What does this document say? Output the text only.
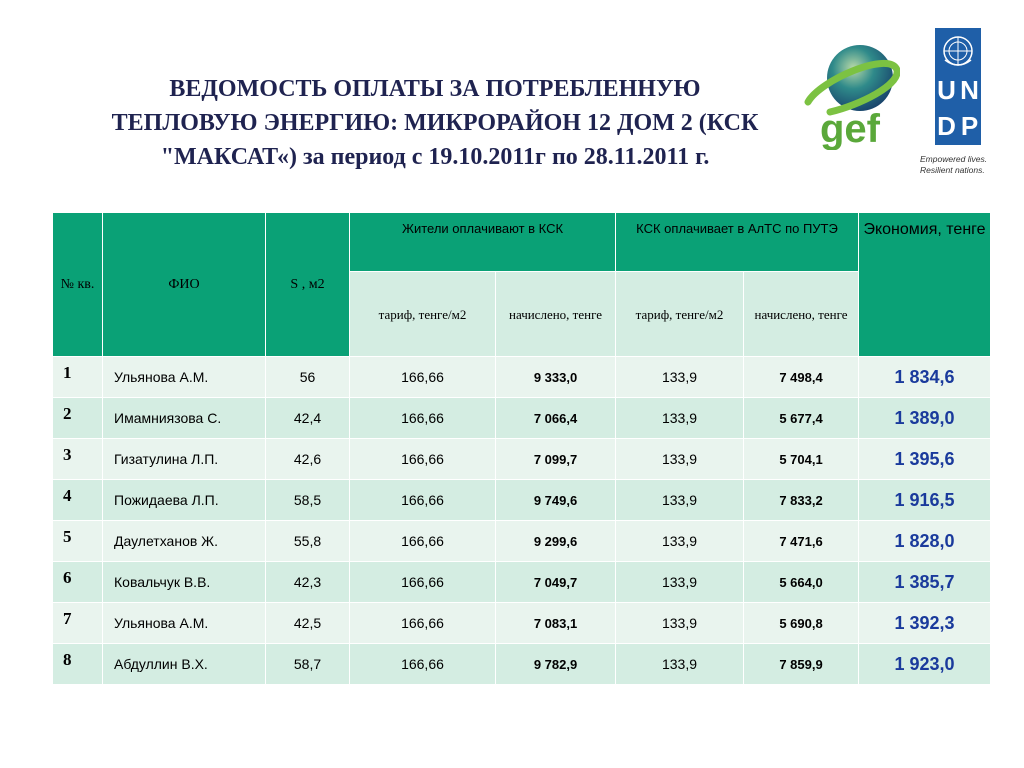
ВЕДОМОСТЬ ОПЛАТЫ ЗА ПОТРЕБЛЕННУЮ
ТЕПЛОВУЮ ЭНЕРГИЮ: МИКРОРАЙОН 12 ДОМ 2 (КСК
"МАКСАТ«) за период с 19.10.2011г по 28.11.2011 г.
gef
U N
D P
Empowered lives.
Resilient nations.
№ кв.	ФИО	S , м2	Жители оплачивают в КСК		КСК оплачивает в АлТС по ПУТЭ		Экономия, тенге
			тариф, тенге/м2	начислено, тенге	тариф, тенге/м2	начислено, тенге	
1	Ульянова А.М.	56	166,66	9 333,0	133,9	7 498,4	1 834,6
2	Имамниязова С.	42,4	166,66	7 066,4	133,9	5 677,4	1 389,0
3	Гизатулина Л.П.	42,6	166,66	7 099,7	133,9	5 704,1	1 395,6
4	Пожидаева Л.П.	58,5	166,66	9 749,6	133,9	7 833,2	1 916,5
5	Даулетханов Ж.	55,8	166,66	9 299,6	133,9	7 471,6	1 828,0
6	Ковальчук В.В.	42,3	166,66	7 049,7	133,9	5 664,0	1 385,7
7	Ульянова А.М.	42,5	166,66	7 083,1	133,9	5 690,8	1 392,3
8	Абдуллин В.Х.	58,7	166,66	9 782,9	133,9	7 859,9	1 923,0
